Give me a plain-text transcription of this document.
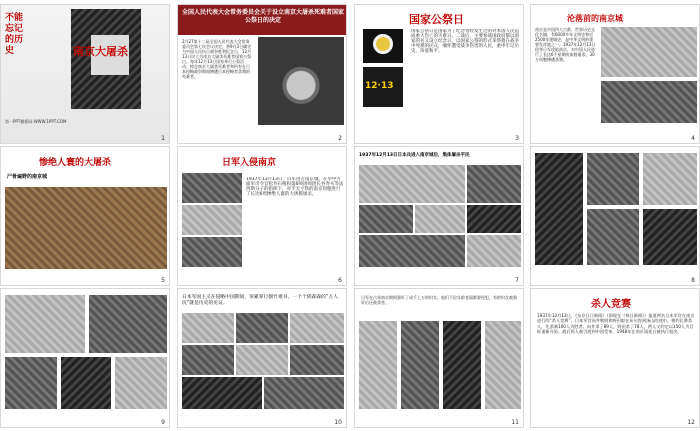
不能忘记的历史	南京大屠杀
第一PPT模板网-WWW.1PPT.COM
1
全国人民代表大会常务委员会关于设立南京大屠杀死难者国家公祭日的决定
2月27第十二届全国人民代表大会常务委员会第七次会议决定，将9月3日确定为中国人民抗日战争胜利纪念日，12月13日设立为南京大屠杀死难者国家公祭日，每年12月13日国家举行公祭活动，悼念南京大屠杀死难者和所有在日本侵略战争期间惨遭日本侵略者杀戮的死难者。
2
国家公祭日
12·13
国家公祭日是国家为了纪念曾经发生过的对本国人民造成重大伤亡的灾难日。二战后，主要参战国政府都以国家的名义设立纪念日，以国家公祭的形式来祭奠在战争中死难的民众，缅怀遭受战争伤害的人民，重申牢记历史，珍爱和平。
3
沦落前的南京城
南京是中国四大古都，世界历史文化名城，有6000多年文明史和近2500年建城史，是中华文明的重要发祥地之一。1937年12月13日侵华日军攻陷南京，对中国人民进行了长达6个星期的血腥屠杀，30万同胞惨遭杀戮。
4
惨绝人寰的大屠杀
尸骨遍野的南京城
5
日军入侵南京
1937年12月13日，日军进占南京城，在华中方面军司令官松井石根和第6师团师团长谷寿夫等法西斯分子的指挥下，对手无寸铁的南京同胞进行了长达6周惨绝人寰的大规模屠杀。
6
1937年12月13日日本兵进入南京城后，集体屠杀平民
7	8
9
日本军国主义在侵略中国期间，罪累罪行罄竹难书，一个个阴森森的“万人坑”就是历史的见证。
10
日军在占领南京期间强奸了成千上万的妇女。他们不论年龄老弱都要侵犯，有的妇女被强奸后还被杀害。
11
杀人竞赛
1937年12月13日，《东京日日新闻》（即现在《每日新闻》）报道两名日本军官在南京进行的“杀人竞赛”，日本军官向井敏明和野田毅在从句容到汤山的途中，相约比赛杀人，先杀满100人为胜者。向井杀了89人，野田杀了78人，两人又约定以150人为目标重新开始。战后两人被引渡到中国受审，1948年在南京雨花台被执行枪决。
12
